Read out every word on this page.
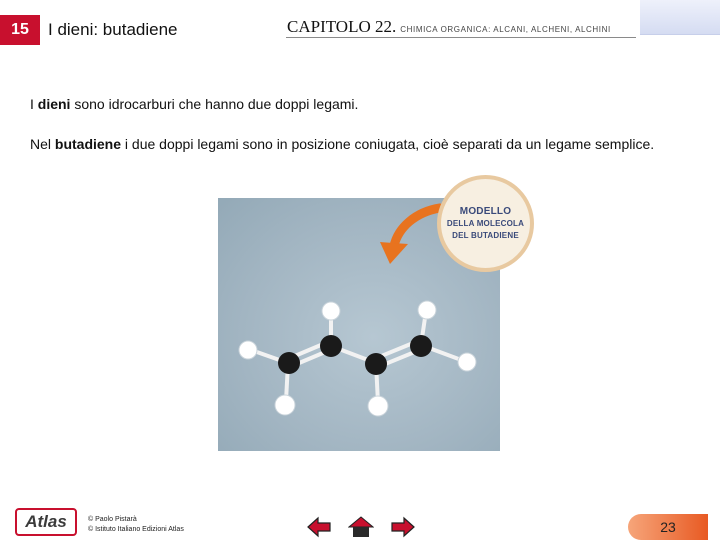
15	I dieni: butadiene	CAPITOLO 22. CHIMICA ORGANICA: ALCANI, ALCHENI, ALCHINI
I dieni sono idrocarburi che hanno due doppi legami.
Nel butadiene i due doppi legami sono in posizione coniugata, cioè separati da un legame semplice.
MODELLO
DELLA MOLECOLA
DEL BUTADIENE
Atlas	© Paolo Pistarà
© Istituto Italiano Edizioni Atlas	23
